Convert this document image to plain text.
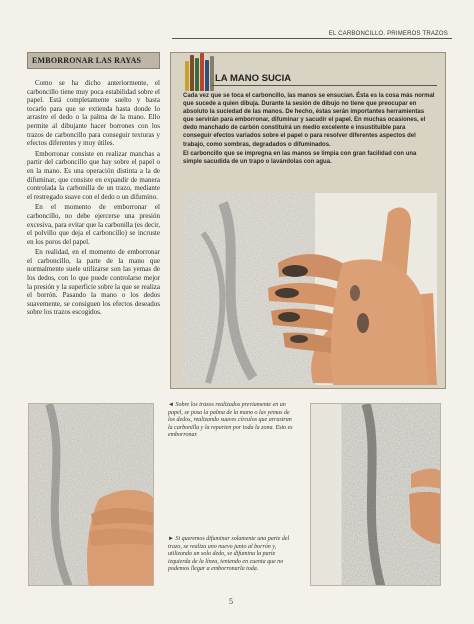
EL CARBONCILLO. PRIMEROS TRAZOS
EMBORRONAR LAS RAYAS

Como se ha dicho anteriormente, el carboncillo tiene muy poca estabilidad sobre el papel. Está completamente suelto y basta tocarlo para que se extienda hasta donde lo arrastre el dedo o la palma de la mano. Ello permite al dibujante hacer borrones con los trazos de carboncillo para conseguir texturas y efectos diferentes y muy útiles.

Emborronar consiste en realizar manchas a partir del carboncillo que hay sobre el papel o en la mano. Es una operación distinta a la de difuminar, que consiste en expandir de manera controlada la carbonilla de un trazo, mediante el restregado suave con el dedo o un difumino.

En el momento de emborronar el carboncillo, no debe ejercerse una presión excesiva, para evitar que la carbonilla (es decir, el polvillo que deja el carboncillo) se incruste en los poros del papel.

En realidad, en el momento de emborronar el carboncillo, la parte de la mano que normalmente suele utilizarse son las yemas de los dedos, con lo que puede controlarse mejor la presión y la superficie sobre la que se realiza el borrón. Pasando la mano o los dedos suavemente, se consiguen los efectos deseados sobre los trazos escogidos.

LA MANO SUCIA

Cada vez que se toca el carboncillo, las manos se ensucian. Ésta es la cosa más normal que sucede a quien dibuja. Durante la sesión de dibujo no tiene que preocupar en absoluto la suciedad de las manos. De hecho, éstas serán importantes herramientas que servirán para emborronar, difuminar y sacudir el papel. En muchas ocasiones, el dedo manchado de carbón constituirá un medio excelente e insustituible para conseguir efectos variados sobre el papel o para resolver diferentes aspectos del trabajo, como sombras, degradados o difuminados.

El carboncillo que se impregna en las manos se limpia con gran facilidad con una simple sacudida de un trapo o lavándolas con agua.

◄ Sobre los trazos realizados previamente en un papel, se posa la palma de la mano o las yemas de los dedos, realizando suaves círculos que arrastran la carbonilla y la reparten por toda la zona. Esto es emborronar.
► Si queremos difuminar solamente una parte del trazo, se realiza uno nuevo junto al borrón y, utilizando un solo dedo, se difumina la parte izquierda de la línea, teniendo en cuenta que no podemos llegar a emborronarla toda.
5
